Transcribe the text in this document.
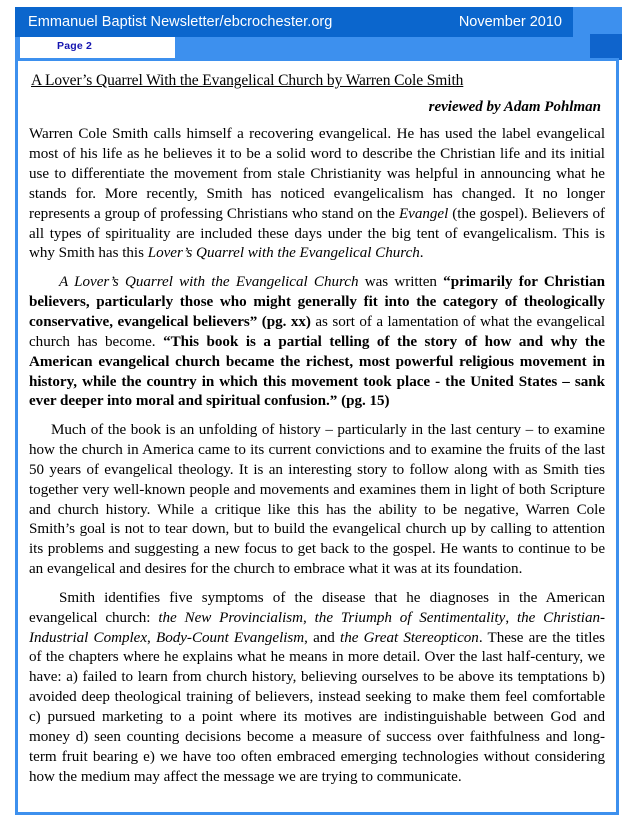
Emmanuel Baptist Newsletter/ebcrochester.org	November 2010
Page 2
A Lover’s Quarrel With the Evangelical Church by Warren Cole Smith
reviewed by Adam Pohlman

Warren Cole Smith calls himself a recovering evangelical. He has used the label evangelical most of his life as he believes it to be a solid word to describe the Christian life and its initial use to differentiate the movement from stale Christianity was helpful in announcing what he stands for. More recently, Smith has noticed evangelicalism has changed. It no longer represents a group of professing Christians who stand on the Evangel (the gospel). Believers of all types of spirituality are included these days under the big tent of evangelicalism. This is why Smith has this Lover’s Quarrel with the Evangelical Church.

A Lover’s Quarrel with the Evangelical Church was written “primarily for Christian believers, particularly those who might generally fit into the category of theologically conservative, evangelical believers” (pg. xx) as sort of a lamentation of what the evangelical church has become. “This book is a partial telling of the story of how and why the American evangelical church became the richest, most powerful religious movement in history, while the country in which this movement took place - the United States – sank ever deeper into moral and spiritual confusion.” (pg. 15)

Much of the book is an unfolding of history – particularly in the last century – to examine how the church in America came to its current convictions and to examine the fruits of the last 50 years of evangelical theology. It is an interesting story to follow along with as Smith ties together very well-known people and movements and examines them in light of both Scripture and church history. While a critique like this has the ability to be negative, Warren Cole Smith’s goal is not to tear down, but to build the evangelical church up by calling to attention its problems and suggesting a new focus to get back to the gospel. He wants to continue to be an evangelical and desires for the church to embrace what it was at its foundation.

Smith identifies five symptoms of the disease that he diagnoses in the American evangelical church: the New Provincialism, the Triumph of Sentimentality, the Christian-Industrial Complex, Body-Count Evangelism, and the Great Stereopticon. These are the titles of the chapters where he explains what he means in more detail. Over the last half-century, we have: a) failed to learn from church history, believing ourselves to be above its temptations b) avoided deep theological training of believers, instead seeking to make them feel comfortable c) pursued marketing to a point where its motives are indistinguishable between God and money d) seen counting decisions become a measure of success over faithfulness and long-term fruit bearing e) we have too often embraced emerging technologies without considering how the medium may affect the message we are trying to communicate.
